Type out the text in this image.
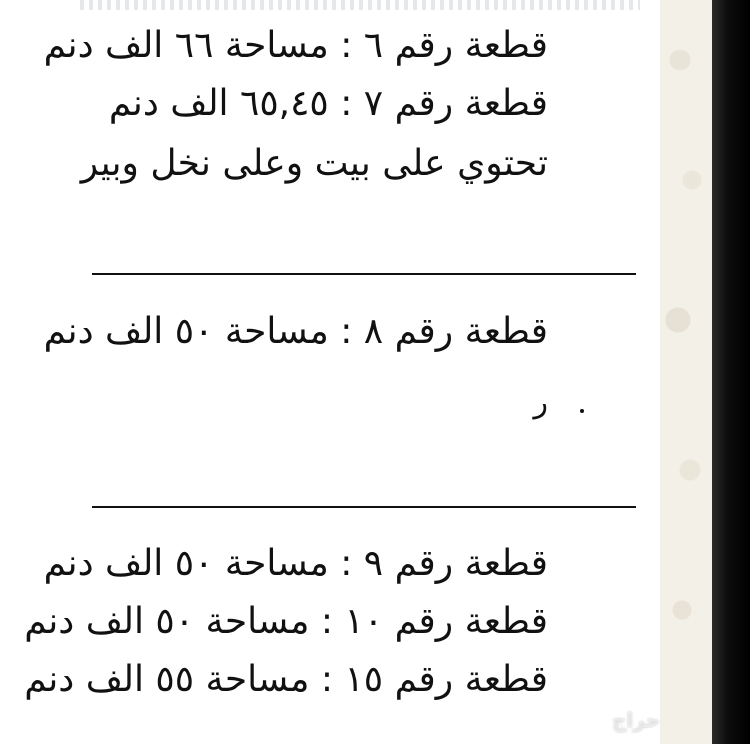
قطعة رقم ٦ : مساحة ٦٦ الف دنم
قطعة رقم ٧ : ٦٥,٤٥ الف دنم
تحتوي على بيت وعلى نخل وبير
قطعة رقم ٨ : مساحة ٥٠ الف دنم
ر
قطعة رقم ٩ : مساحة ٥٠ الف دنم
قطعة رقم ١٠ : مساحة ٥٠ الف دنم
قطعة رقم ١٥ : مساحة ٥٥ الف دنم
حراج
